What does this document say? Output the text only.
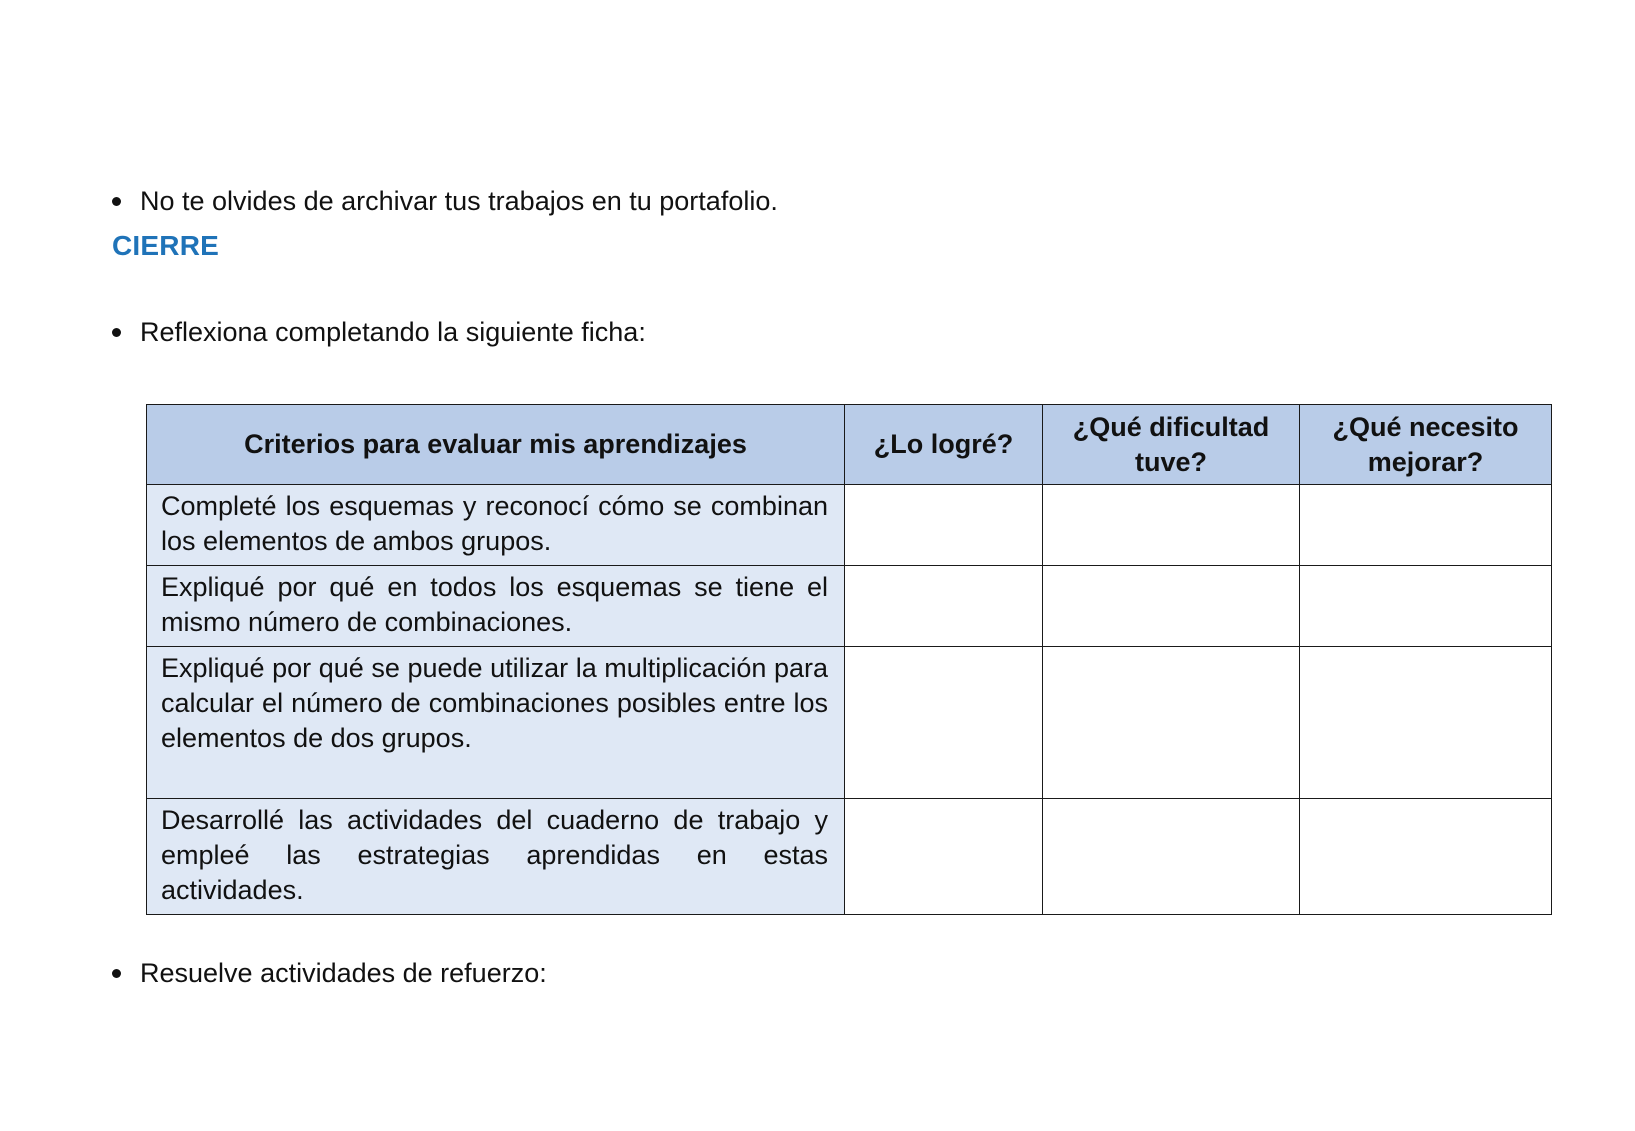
No te olvides de archivar tus trabajos en tu portafolio.
CIERRE
Reflexiona completando la siguiente ficha:
Criterios para evaluar mis aprendizajes	¿Lo logré?	¿Qué dificultad tuve?	¿Qué necesito mejorar?
Completé los esquemas y reconocí cómo se combinan los elementos de ambos grupos.			
Expliqué por qué en todos los esquemas se tiene el mismo número de combinaciones.			
Expliqué por qué se puede utilizar la multiplicación para calcular el número de combinaciones posibles entre los elementos de dos grupos.			
Desarrollé las actividades del cuaderno de trabajo y empleé las estrategias aprendidas en estas actividades.			
Resuelve actividades de refuerzo:
